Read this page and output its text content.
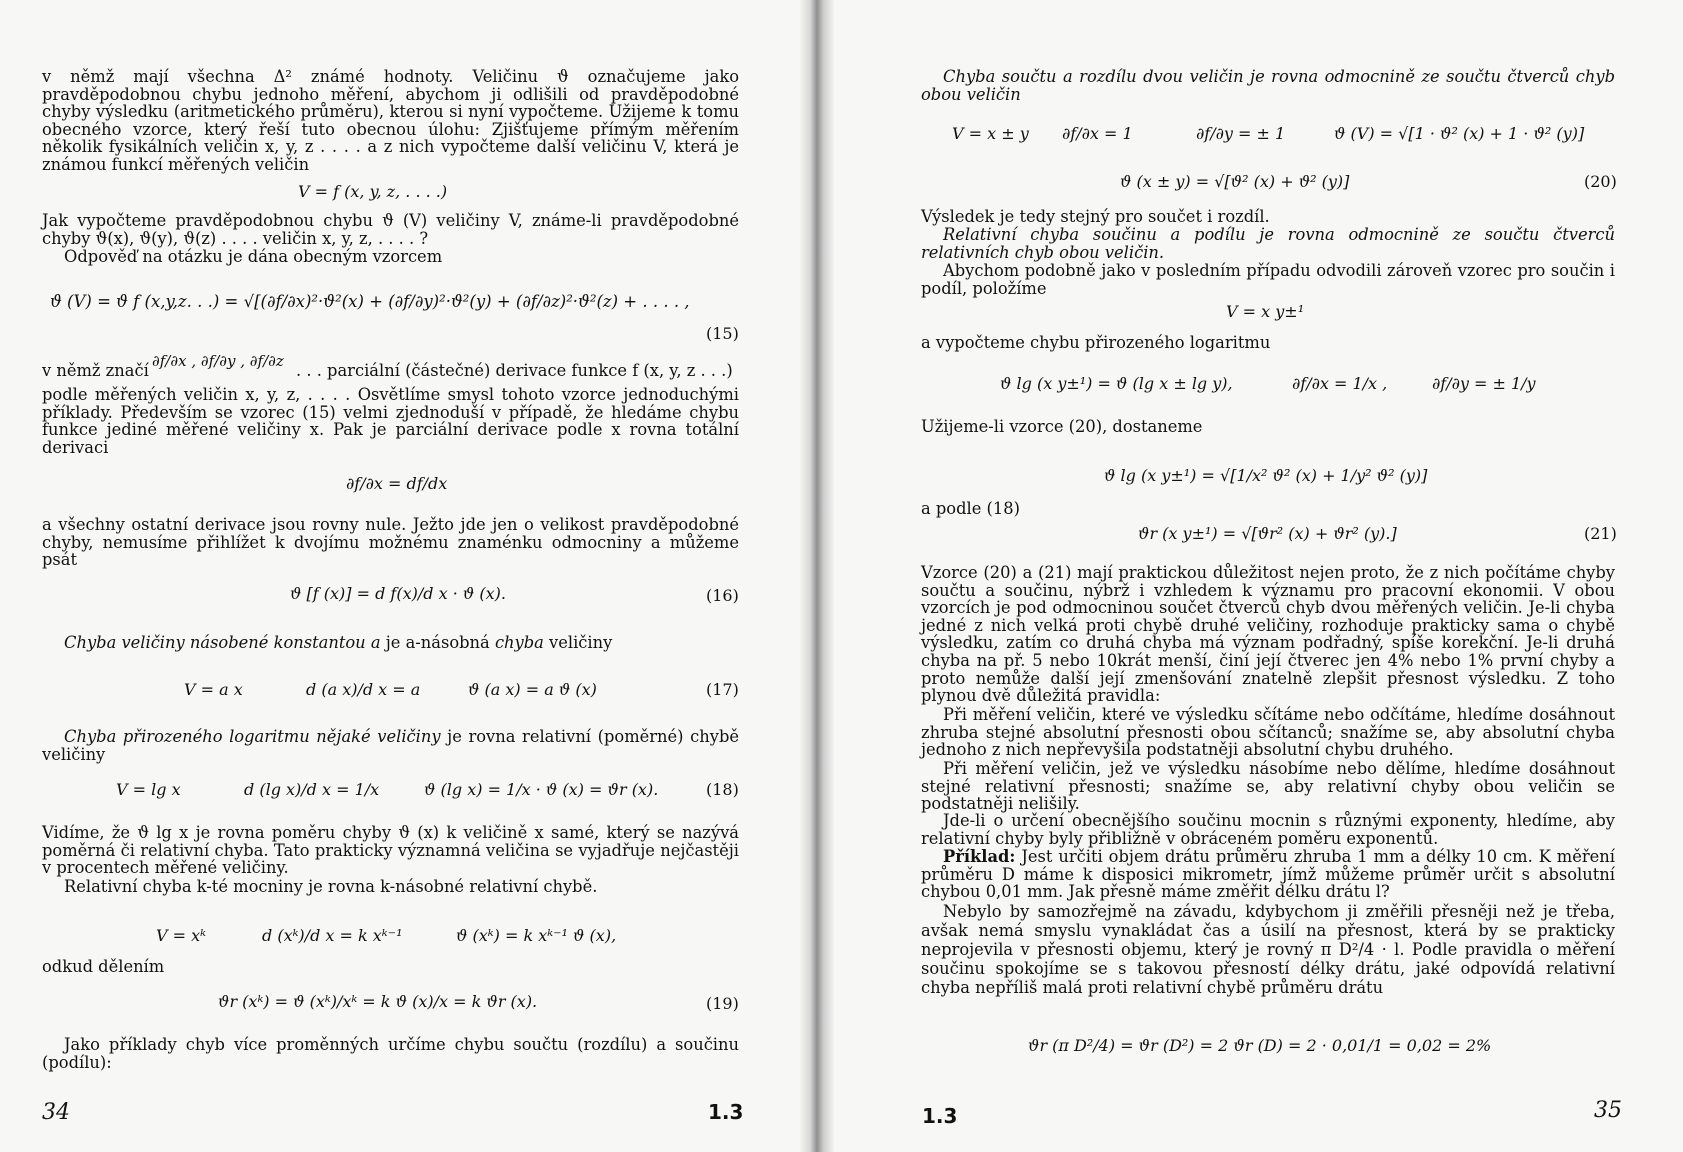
v němž mají všechna Δ² známé hodnoty. Veličinu ϑ označujeme jako pravděpodobnou chybu jednoho měření, abychom ji odlišili od pravděpodobné chyby výsledku (aritmetického průměru), kterou si nyní vypočteme. Užijeme k tomu obecného vzorce, který řeší tuto obecnou úlohu: Zjišťujeme přímým měřením několik fysikálních veličin x, y, z . . . . a z nich vypočteme další veličinu V, která je známou funkcí měřených veličin
V = f (x, y, z, . . . .)
Jak vypočteme pravděpodobnou chybu ϑ (V) veličiny V, známe-li pravděpodobné chyby ϑ(x), ϑ(y), ϑ(z) . . . . veličin x, y, z, . . . . ?
Odpověď na otázku je dána obecným vzorcem
ϑ (V) = ϑ f (x,y,z. . .) = √[(∂f/∂x)²·ϑ²(x) + (∂f/∂y)²·ϑ²(y) + (∂f/∂z)²·ϑ²(z) + . . . . ,
(15)
v němž značí ∂f/∂x , ∂f/∂y , ∂f/∂z . . . parciální (částečné) derivace funkce f (x, y, z . . .)
podle měřených veličin x, y, z, . . . . Osvětlíme smysl tohoto vzorce jednoduchými příklady. Především se vzorec (15) velmi zjednoduší v případě, že hledáme chybu funkce jediné měřené veličiny x. Pak je parciální derivace podle x rovna totální derivaci
∂f/∂x = df/dx
a všechny ostatní derivace jsou rovny nule. Ježto jde jen o velikost pravděpodobné chyby, nemusíme přihlížet k dvojímu možnému znaménku odmocniny a můžeme psát
ϑ [f (x)] = d f(x)/d x · ϑ (x).	(16)
Chyba veličiny násobené konstantou a je a-násobná chyba veličiny
V = a x	d (a x)/d x = a	ϑ (a x) = a ϑ (x)	(17)
Chyba přirozeného logaritmu nějaké veličiny je rovna relativní (poměrné) chybě veličiny
V = lg x	d (lg x)/d x = 1/x	ϑ (lg x) = 1/x · ϑ (x) = ϑr (x).	(18)
Vidíme, že ϑ lg x je rovna poměru chyby ϑ (x) k veličině x samé, který se nazývá poměrná či relativní chyba. Tato prakticky významná veličina se vyjadřuje nejčastěji v procentech měřené veličiny.
Relativní chyba k-té mocniny je rovna k-násobné relativní chybě.
V = xᵏ	d (xᵏ)/d x = k xᵏ⁻¹	ϑ (xᵏ) = k xᵏ⁻¹ ϑ (x),
odkud dělením
ϑr (xᵏ) = ϑ (xᵏ)/xᵏ = k ϑ (x)/x = k ϑr (x).	(19)
Jako příklady chyb více proměnných určíme chybu součtu (rozdílu) a součinu (podílu):
34	1.3
Chyba součtu a rozdílu dvou veličin je rovna odmocnině ze součtu čtverců chyb obou veličin
V = x ± y ∂f/∂x = 1	∂f/∂y = ± 1	ϑ (V) = √[1 · ϑ² (x) + 1 · ϑ² (y)]
ϑ (x ± y) = √[ϑ² (x) + ϑ² (y)]	(20)
Výsledek je tedy stejný pro součet i rozdíl.
Relativní chyba součinu a podílu je rovna odmocnině ze součtu čtverců relativních chyb obou veličin.
Abychom podobně jako v posledním případu odvodili zároveň vzorec pro součin i podíl, položíme
V = x y±¹
a vypočteme chybu přirozeného logaritmu
ϑ lg (x y±¹) = ϑ (lg x ± lg y),	∂f/∂x = 1/x ,	∂f/∂y = ± 1/y
Užijeme-li vzorce (20), dostaneme
ϑ lg (x y±¹) = √[1/x² ϑ² (x) + 1/y² ϑ² (y)]
a podle (18)
ϑr (x y±¹) = √[ϑr² (x) + ϑr² (y).]	(21)
Vzorce (20) a (21) mají praktickou důležitost nejen proto, že z nich počítáme chyby součtu a součinu, nýbrž i vzhledem k významu pro pracovní ekonomii. V obou vzorcích je pod odmocninou součet čtverců chyb dvou měřených veličin. Je-li chyba jedné z nich velká proti chybě druhé veličiny, rozhoduje prakticky sama o chybě výsledku, zatím co druhá chyba má význam podřadný, spíše korekční. Je-li druhá chyba na př. 5 nebo 10krát menší, činí její čtverec jen 4% nebo 1% první chyby a proto nemůže další její zmenšování znatelně zlepšit přesnost výsledku. Z toho plynou dvě důležitá pravidla:
Při měření veličin, které ve výsledku sčítáme nebo odčítáme, hledíme dosáhnout zhruba stejné absolutní přesnosti obou sčítanců; snažíme se, aby absolutní chyba jednoho z nich nepřevyšila podstatněji absolutní chybu druhého.
Při měření veličin, jež ve výsledku násobíme nebo dělíme, hledíme dosáhnout stejné relativní přesnosti; snažíme se, aby relativní chyby obou veličin se podstatněji nelišily.
Jde-li o určení obecnějšího součinu mocnin s různými exponenty, hledíme, aby relativní chyby byly přibližně v obráceném poměru exponentů.
Příklad: Jest určiti objem drátu průměru zhruba 1 mm a délky 10 cm. K měření průměru D máme k disposici mikrometr, jímž můžeme průměr určit s absolutní chybou 0,01 mm. Jak přesně máme změřit délku drátu l?
Nebylo by samozřejmě na závadu, kdybychom ji změřili přesněji než je třeba, avšak nemá smyslu vynakládat čas a úsilí na přesnost, která by se prakticky neprojevila v přesnosti objemu, který je rovný π D²/4 · l. Podle pravidla o měření součinu spokojíme se s takovou přesností délky drátu, jaké odpovídá relativní chyba nepříliš malá proti relativní chybě průměru drátu
ϑr (π D²/4) = ϑr (D²) = 2 ϑr (D) = 2 · 0,01/1 = 0,02 = 2%
1.3	35
